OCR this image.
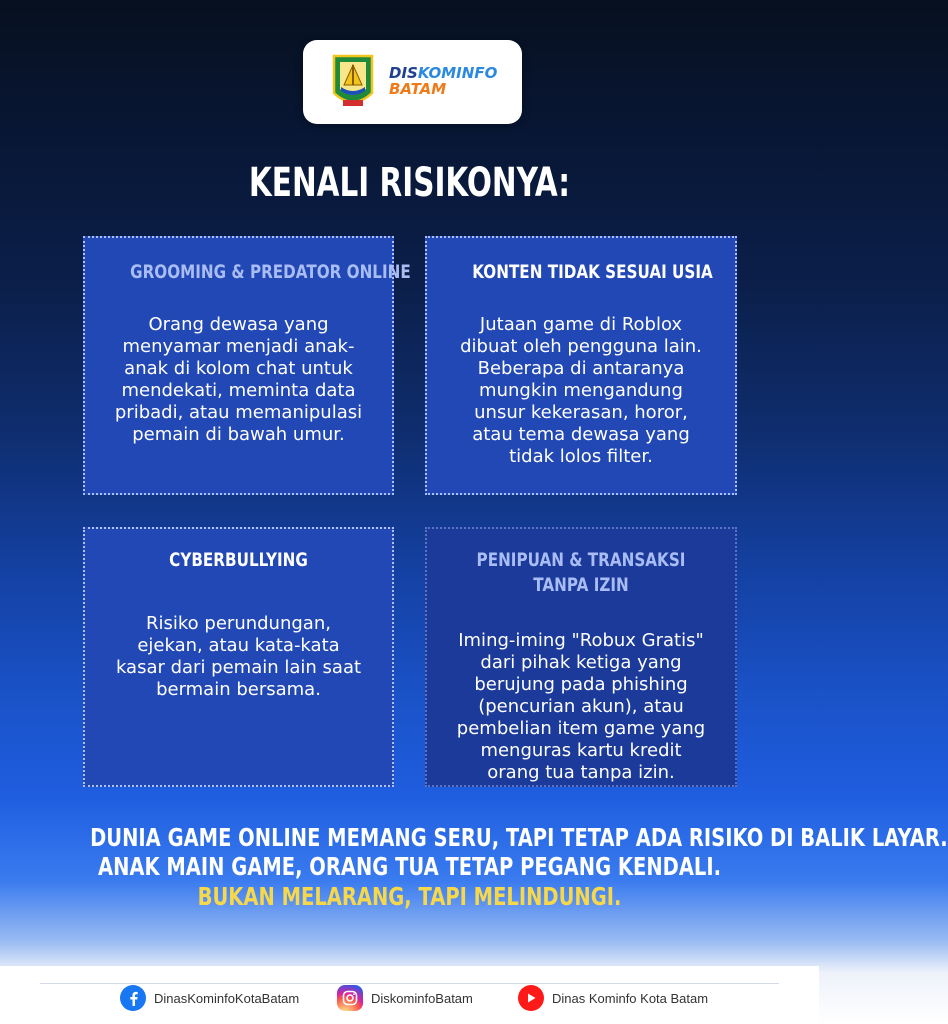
DISKOMINFO
BATAM
KENALI RISIKONYA:
GROOMING & PREDATOR ONLINE
Orang dewasa yang
menyamar menjadi anak-
anak di kolom chat untuk
mendekati, meminta data
pribadi, atau memanipulasi
pemain di bawah umur.
KONTEN TIDAK SESUAI USIA
Jutaan game di Roblox
dibuat oleh pengguna lain.
Beberapa di antaranya
mungkin mengandung
unsur kekerasan, horor,
atau tema dewasa yang
tidak lolos filter.
CYBERBULLYING
Risiko perundungan,
ejekan, atau kata-kata
kasar dari pemain lain saat
bermain bersama.
PENIPUAN & TRANSAKSI
TANPA IZIN
Iming-iming "Robux Gratis"
dari pihak ketiga yang
berujung pada phishing
(pencurian akun), atau
pembelian item game yang
menguras kartu kredit
orang tua tanpa izin.
DUNIA GAME ONLINE MEMANG SERU, TAPI TETAP ADA RISIKO DI BALIK LAYAR.
ANAK MAIN GAME, ORANG TUA TETAP PEGANG KENDALI.
BUKAN MELARANG, TAPI MELINDUNGI.
DinasKominfoKotaBatam	DiskominfoBatam	Dinas Kominfo Kota Batam
